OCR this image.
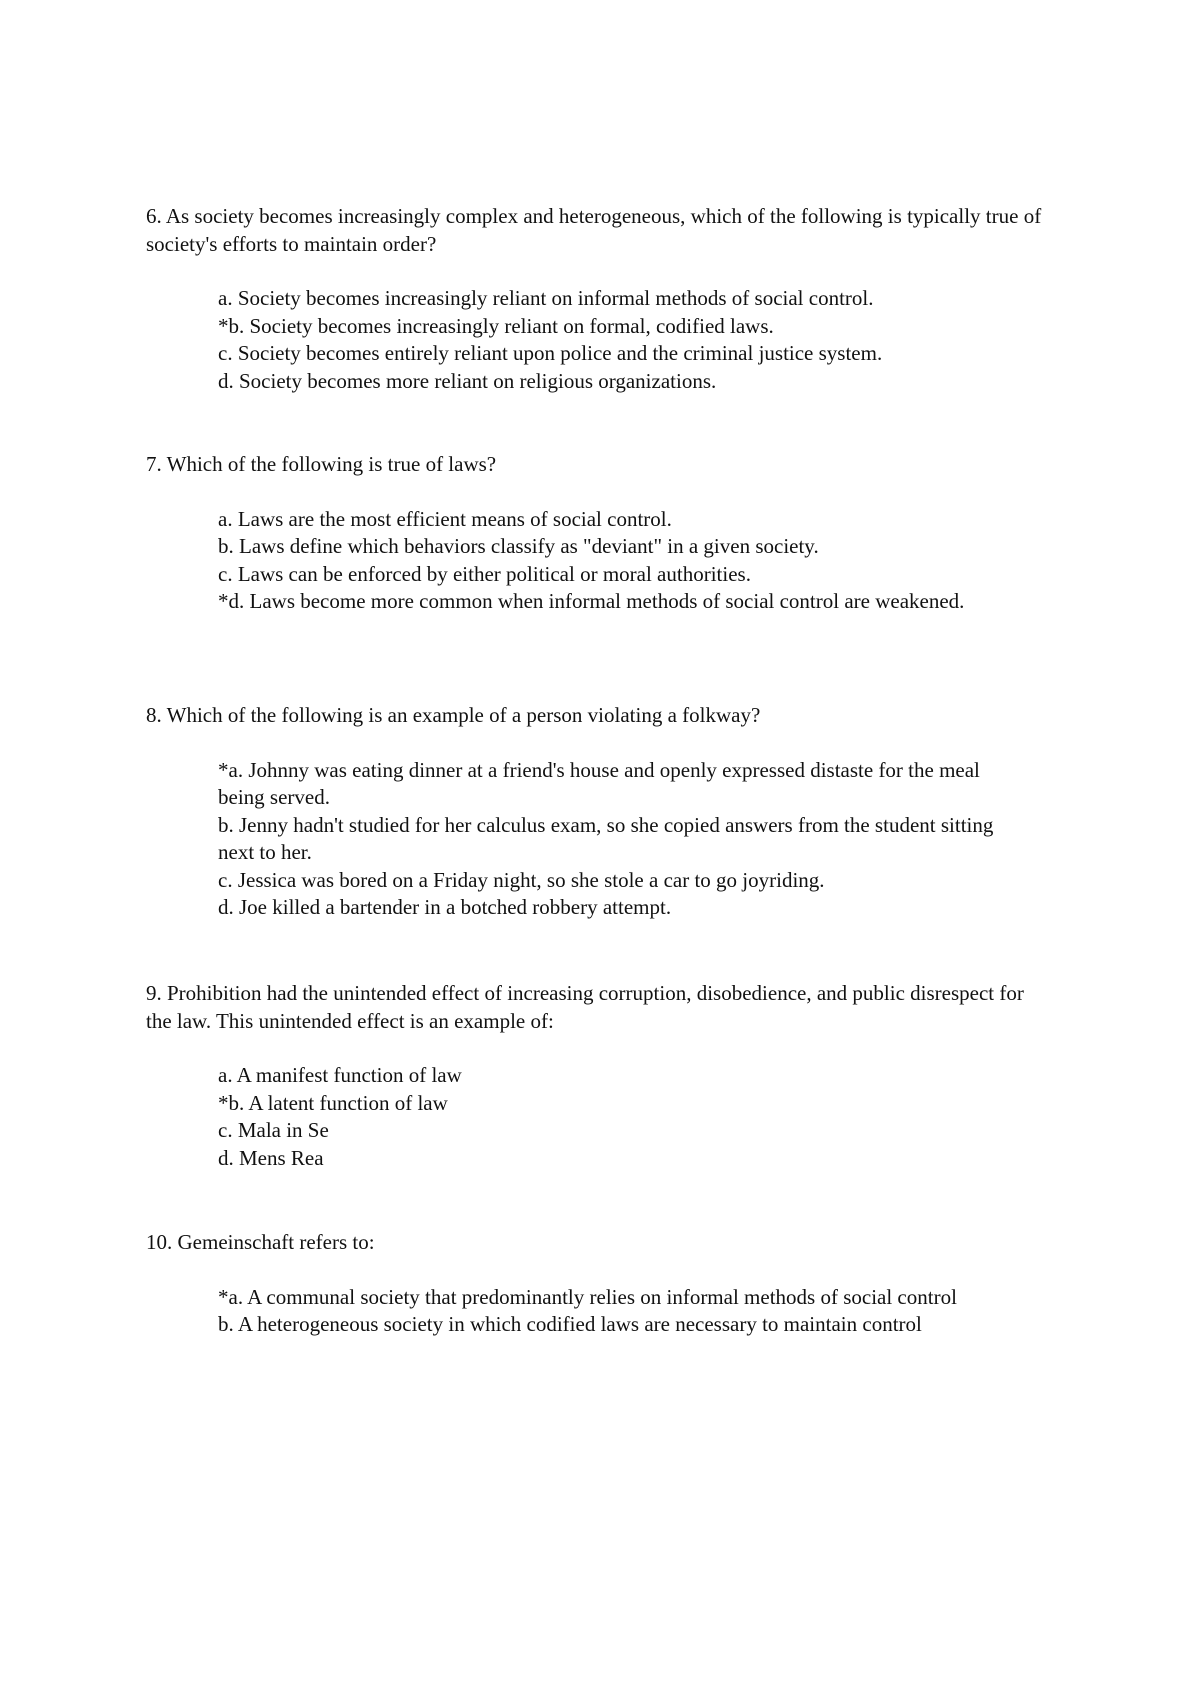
6. As society becomes increasingly complex and heterogeneous, which of the following is typically true of society's efforts to maintain order?

a. Society becomes increasingly reliant on informal methods of social control.
*b. Society becomes increasingly reliant on formal, codified laws.
c. Society becomes entirely reliant upon police and the criminal justice system.
d. Society becomes more reliant on religious organizations.

7. Which of the following is true of laws?

a. Laws are the most efficient means of social control.
b. Laws define which behaviors classify as "deviant" in a given society.
c. Laws can be enforced by either political or moral authorities.
*d. Laws become more common when informal methods of social control are weakened.

8. Which of the following is an example of a person violating a folkway?

*a. Johnny was eating dinner at a friend's house and openly expressed distaste for the meal being served.
b. Jenny hadn't studied for her calculus exam, so she copied answers from the student sitting next to her.
c. Jessica was bored on a Friday night, so she stole a car to go joyriding.
d. Joe killed a bartender in a botched robbery attempt.

9. Prohibition had the unintended effect of increasing corruption, disobedience, and public disrespect for the law. This unintended effect is an example of:

a. A manifest function of law
*b. A latent function of law
c. Mala in Se
d. Mens Rea

10. Gemeinschaft refers to:

*a. A communal society that predominantly relies on informal methods of social control
b. A heterogeneous society in which codified laws are necessary to maintain control
